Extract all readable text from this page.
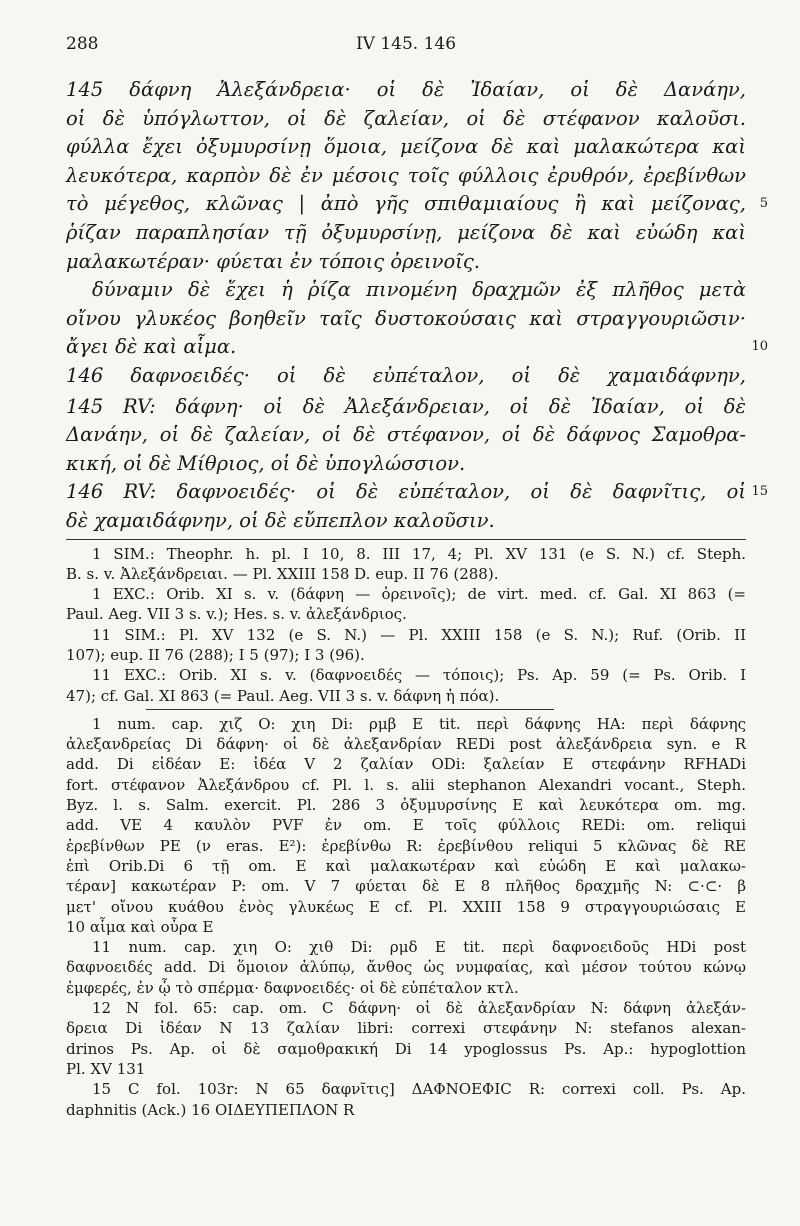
288	IV 145. 146
145 δάφνη Ἀλεξάνδρεια· οἱ δὲ Ἰδαίαν, οἱ δὲ Δανάην,
οἱ δὲ ὑπόγλωττον, οἱ δὲ ζαλείαν, οἱ δὲ στέφανον καλοῦσι.
φύλλα ἔχει ὀξυμυρσίνῃ ὅμοια, μείζονα δὲ καὶ μαλακώτερα καὶ
λευκότερα, καρπὸν δὲ ἐν μέσοις τοῖς φύλλοις ἐρυθρόν, ἐρεβίνθων
τὸ μέγεθος, κλῶνας | ἀπὸ γῆς σπιθαμιαίους ἢ καὶ μείζονας, 5
ῥίζαν παραπλησίαν τῇ ὀξυμυρσίνῃ, μείζονα δὲ καὶ εὐώδη καὶ
μαλακωτέραν· φύεται ἐν τόποις ὀρεινοῖς.
δύναμιν δὲ ἔχει ἡ ῥίζα πινομένη δραχμῶν ἐξ πλῆθος μετὰ
οἴνου γλυκέος βοηθεῖν ταῖς δυστοκούσαις καὶ στραγγουριῶσιν·
ἄγει δὲ καὶ αἷμα.	10
146 δαφνοειδές· οἱ δὲ εὐπέταλον, οἱ δὲ χαμαιδάφνην,
145 RV: δάφνη· οἱ δὲ Ἀλεξάνδρειαν, οἱ δὲ Ἰδαίαν, οἱ δὲ
Δανάην, οἱ δὲ ζαλείαν, οἱ δὲ στέφανον, οἱ δὲ δάφνος Σαμοθρα-
κική, οἱ δὲ Μίθριος, οἱ δὲ ὑπογλώσσιον.
146 RV: δαφνοειδές· οἱ δὲ εὐπέταλον, οἱ δὲ δαφνῖτις, οἱ 15
δὲ χαμαιδάφνην, οἱ δὲ εὔπεπλον καλοῦσιν.
1 SIM.: Theophr. h. pl. I 10, 8. III 17, 4; Pl. XV 131 (e S. N.) cf. Steph.
B. s. v. Ἀλεξάνδρειαι. — Pl. XXIII 158 D. eup. II 76 (288).
1 EXC.: Orib. XI s. v. (δάφνη — ὀρεινοῖς); de virt. med. cf. Gal. XI 863 (=
Paul. Aeg. VII 3 s. v.); Hes. s. v. ἀλεξάνδριος.
11 SIM.: Pl. XV 132 (e S. N.) — Pl. XXIII 158 (e S. N.); Ruf. (Orib. II
107); eup. II 76 (288); I 5 (97); I 3 (96).
11 EXC.: Orib. XI s. v. (δαφνοειδές — τόποις); Ps. Ap. 59 (= Ps. Orib. I
47); cf. Gal. XI 863 (= Paul. Aeg. VII 3 s. v. δάφνη ἡ πόα).
1 num. cap. χιζ O: χιη Di: ρμβ E tit. περὶ δάφνης HA: περὶ δάφνης
ἀλεξανδρείας Di δάφνη· οἱ δὲ ἀλεξανδρίαν REDi post ἀλεξάνδρεια syn. e R
add. Di εἰδέαν E: ἰδέα V 2 ζαλίαν ODi: ξαλείαν E στεφάνην RFHADi
fort. στέφανον Ἀλεξάνδρου cf. Pl. l. s. alii stephanon Alexandri vocant., Steph.
Byz. l. s. Salm. exercit. Pl. 286 3 ὀξυμυρσίνης E καὶ λευκότερα om. mg.
add. VE 4 καυλὸν PVF ἐν om. E τοῖς φύλλοις REDi: om. reliqui
ἐρεβίνθων PE (ν eras. E²): ἐρεβίνθω R: ἐρεβίνθου reliqui 5 κλῶνας δὲ RE
ἐπὶ Orib.Di 6 τῇ om. E καὶ μαλακωτέραν καὶ εὐώδη E καὶ μαλακω-
τέραν] κακωτέραν P: om. V 7 φύεται δὲ E 8 πλῆθος δραχμῆς N: ⊂·⊂· β
μετ' οἴνου κυάθου ἑνὸς γλυκέως E cf. Pl. XXIII 158 9 στραγγουριώσαις E
10 αἷμα καὶ οὖρα E
11 num. cap. χιη O: χιθ Di: ρμδ E tit. περὶ δαφνοειδοῦς HDi post
δαφνοειδές add. Di ὅμοιον ἀλύπῳ, ἄνθος ὡς νυμφαίας, καὶ μέσον τούτου κώνῳ
ἐμφερές, ἐν ᾧ τὸ σπέρμα· δαφνοειδές· οἱ δὲ εὐπέταλον κτλ.
12 N fol. 65: cap. om. C δάφνη· οἱ δὲ ἀλεξανδρίαν N: δάφνη ἀλεξάν-
δρεια Di ἰδέαν N 13 ζαλίαν libri: correxi στεφάνην N: stefanos alexan-
drinos Ps. Ap. οἱ δὲ σαμοθρακική Di 14 ypoglossus Ps. Ap.: hypoglottion
Pl. XV 131
15 C fol. 103r: N 65 δαφνῖτις] ΔΑΦΝΟΕΦΙC R: correxi coll. Ps. Ap.
daphnitis (Ack.) 16 ΟΙΔΕΥΠΕΠΛΟΝ R
